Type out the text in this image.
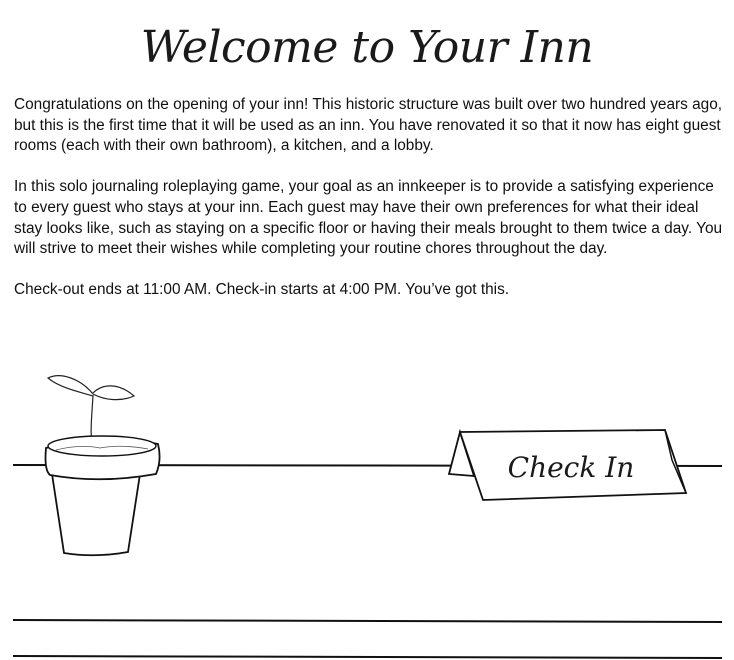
Welcome to Your Inn

Congratulations on the opening of your inn! This historic structure was built over two hundred years ago, but this is the first time that it will be used as an inn. You have renovated it so that it now has eight guest rooms (each with their own bathroom), a kitchen, and a lobby.

In this solo journaling roleplaying game, your goal as an innkeeper is to provide a satisfying experience to every guest who stays at your inn. Each guest may have their own preferences for what their ideal stay looks like, such as staying on a specific floor or having their meals brought to them twice a day. You will strive to meet their wishes while completing your routine chores throughout the day.

Check-out ends at 11:00 AM. Check-in starts at 4:00 PM. You’ve got this.

Check In
